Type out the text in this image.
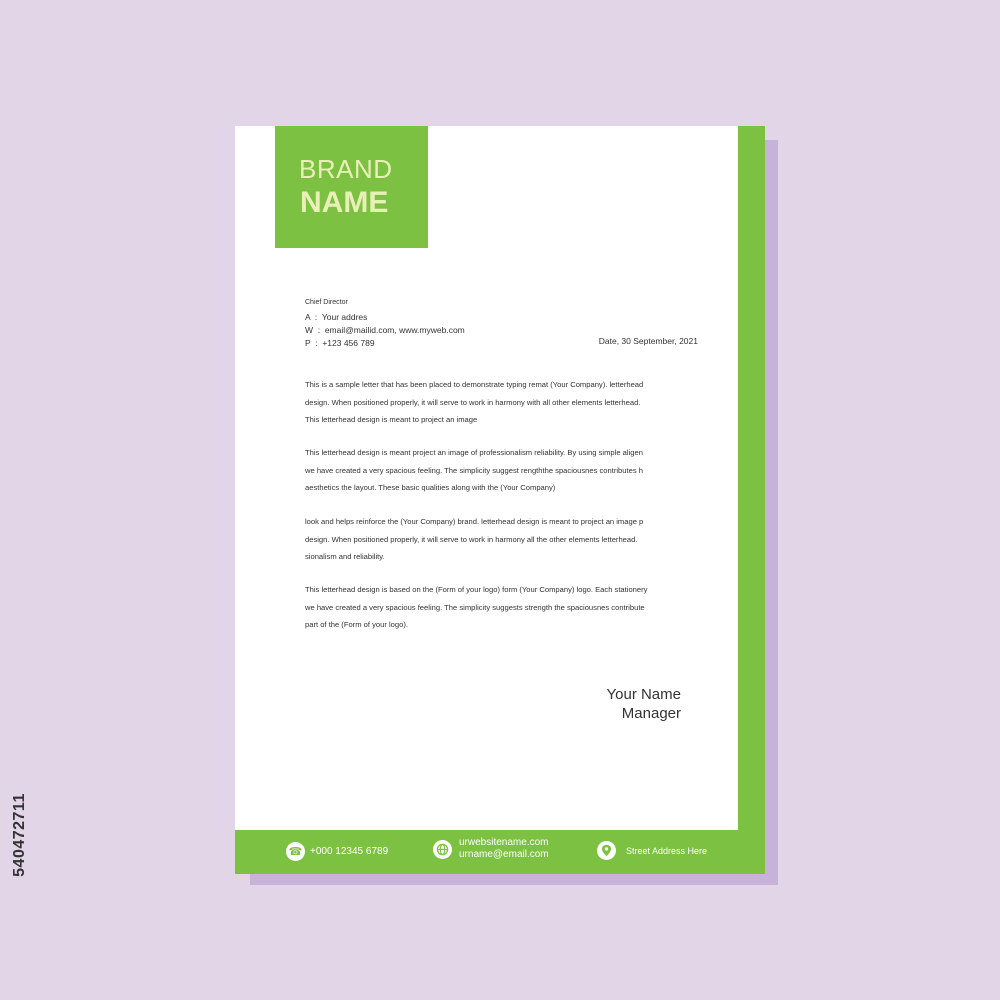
BRAND
NAME
Chief Director
A  :  Your addres
W  :  email@mailid.com, www.myweb.com
P  :  +123 456 789	Date, 30 September, 2021

This is a sample letter that has been placed to demonstrate typing remat (Your Company). letterhead

design. When positioned properly, it will serve to work in harmony with all other elements letterhead.

This letterhead design is meant to project an image

This letterhead design is meant project an image of professionalism reliability. By using simple aligen

we have created a very spacious feeling. The simplicity suggest rengththe spaciousnes contributes h

aesthetics the layout. These basic qualities along with the (Your Company)

look and helps reinforce the (Your Company) brand. letterhead design is meant to project an image p

design. When positioned properly, it will serve to work in harmony all the other elements letterhead.

sionalism and reliability.

This letterhead design is based on the (Form of your logo) form (Your Company) logo. Each stationery

we have created a very spacious feeling. The simplicity suggests strength the spaciousnes contribute

part of the (Form of your logo).

Your Name
Manager
☎ +000 12345 6789
urwebsitename.com
urname@email.com	Street Address Here
540472711
